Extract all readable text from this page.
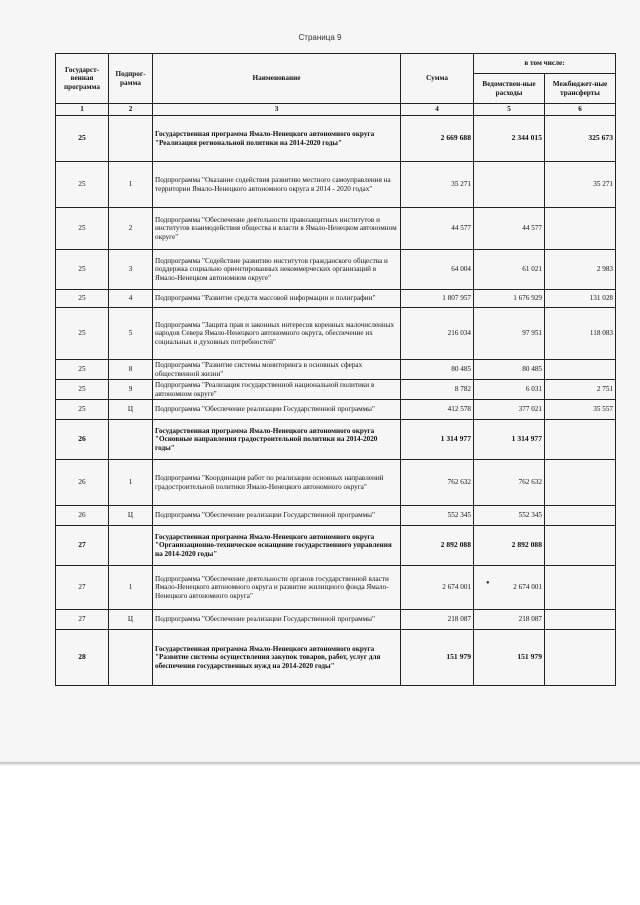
Страница 9
Государст-венная программа	Подпрог-рамма	Наименование	Сумма	в том числе:	
				Ведомствен-ные расходы	Межбюджет-ные трансферты
1	2	3	4	5	6
25		Государственная программа Ямало-Ненецкого автономного округа "Реализация региональной политики на 2014-2020 годы"	2 669 688	2 344 015	325 673
25	1	Подпрограмма "Оказание содействия развитию местного самоуправления на территории Ямало-Ненецкого автономного округа в 2014 - 2020 годах"	35 271		35 271
25	2	Подпрограмма "Обеспечение деятельности правозащитных институтов и институтов взаимодействия общества и власти в Ямало-Ненецком автономном округе"	44 577	44 577	
25	3	Подпрограмма "Содействие развитию институтов гражданского общества и поддержка социально ориентированных некоммерческих организаций в Ямало-Ненецком автономном округе"	64 004	61 021	2 983
25	4	Подпрограмма "Развитие средств массовой информации и полиграфии"	1 807 957	1 676 929	131 028
25	5	Подпрограмма "Защита прав и законных интересов коренных малочисленных народов Севера Ямало-Ненецкого автономного округа, обеспечение их социальных и духовных потребностей"	216 034	97 951	118 083
25	8	Подпрограмма "Развитие системы мониторинга в основных сферах общественной жизни"	80 485	80 485	
25	9	Подпрограмма "Реализация государственной национальной политики в автономном округе"	8 782	6 031	2 751
25	Ц	Подпрограмма "Обеспечение реализации Государственной программы"	412 578	377 021	35 557
26		Государственная программа Ямало-Ненецкого автономного округа "Основные направления градостроительной политики на 2014-2020 годы"	1 314 977	1 314 977	
26	1	Подпрограмма "Координация работ по реализации основных направлений градостроительной политики Ямало-Ненецкого автономного округа"	762 632	762 632	
26	Ц	Подпрограмма "Обеспечение реализации Государственной программы"	552 345	552 345	
27		Государственная программа Ямало-Ненецкого автономного округа "Организационно-техническое оснащение государственного управления на 2014-2020 годы"	2 892 088	2 892 088	
27	1	Подпрограмма "Обеспечение деятельности органов государственной власти Ямало-Ненецкого автономного округа и развитие жилищного фонда Ямало-Ненецкого автономного округа"	2 674 001	2 674 001	
27	Ц	Подпрограмма "Обеспечение реализации Государственной программы"	218 087	218 087	
28		Государственная программа Ямало-Ненецкого автономного округа "Развитие системы осуществления закупок товаров, работ, услуг для обеспечения государственных нужд на 2014-2020 годы"	151 979	151 979	
●
